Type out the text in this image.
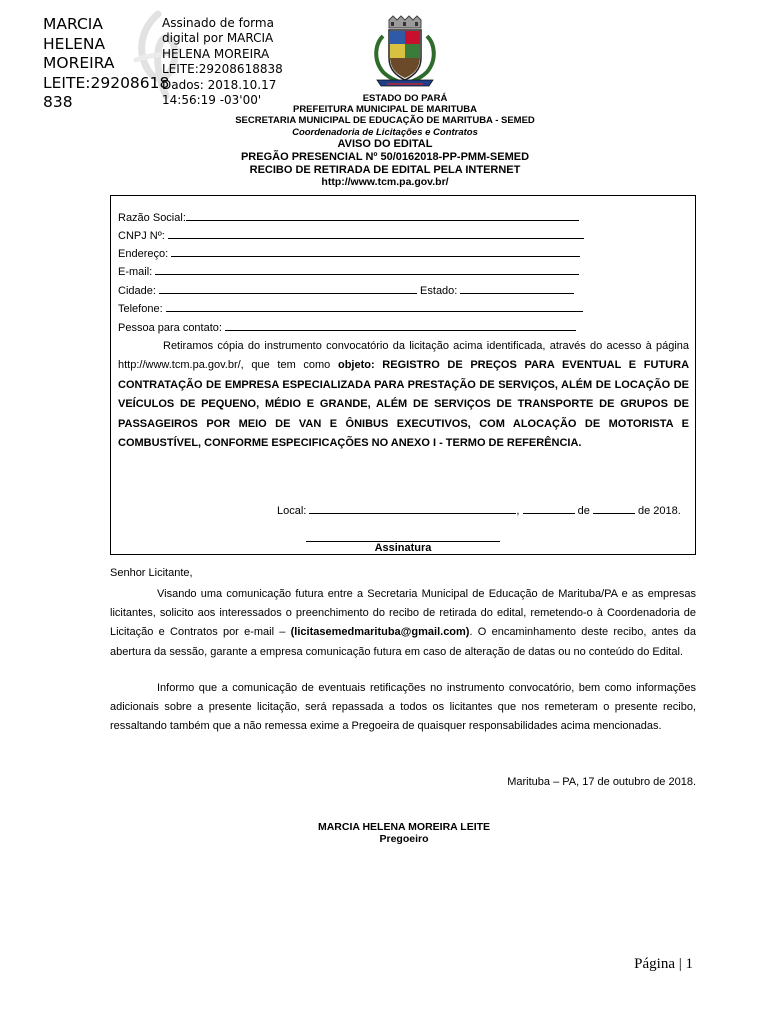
MARCIA
HELENA
MOREIRA
LEITE:29208618
838
Assinado de forma
digital por MARCIA
HELENA MOREIRA
LEITE:29208618838
Dados: 2018.10.17
14:56:19 -03'00'	ESTADO DO PARÁ
PREFEITURA MUNICIPAL DE MARITUBA
SECRETARIA MUNICIPAL DE EDUCAÇÃO DE MARITUBA - SEMED
Coordenadoria de Licitações e Contratos
AVISO DO EDITAL
PREGÃO PRESENCIAL Nº 50/0162018-PP-PMM-SEMED
RECIBO DE RETIRADA DE EDITAL PELA INTERNET
http://www.tcm.pa.gov.br/
Razão Social:
CNPJ Nº:
Endereço:
E-mail:
Cidade:	Estado:
Telefone:
Pessoa para contato:
Retiramos cópia do instrumento convocatório da licitação acima identificada, através do acesso à página http://www.tcm.pa.gov.br/, que tem como objeto: REGISTRO DE PREÇOS PARA EVENTUAL E FUTURA CONTRATAÇÃO DE EMPRESA ESPECIALIZADA PARA PRESTAÇÃO DE SERVIÇOS, ALÉM DE LOCAÇÃO DE VEÍCULOS DE PEQUENO, MÉDIO E GRANDE, ALÉM DE SERVIÇOS DE TRANSPORTE DE GRUPOS DE PASSAGEIROS POR MEIO DE VAN E ÔNIBUS EXECUTIVOS, COM ALOCAÇÃO DE MOTORISTA E COMBUSTÍVEL, CONFORME ESPECIFICAÇÕES NO ANEXO I - TERMO DE REFERÊNCIA.
Local:	,	de	de 2018.
Assinatura
Senhor Licitante,
Visando uma comunicação futura entre a Secretaria Municipal de Educação de Marituba/PA e as empresas licitantes, solicito aos interessados o preenchimento do recibo de retirada do edital, remetendo-o à Coordenadoria de Licitação e Contratos por e-mail – (licitasemedmarituba@gmail.com). O encaminhamento deste recibo, antes da abertura da sessão, garante a empresa comunicação futura em caso de alteração de datas ou no conteúdo do Edital.
Informo que a comunicação de eventuais retificações no instrumento convocatório, bem como informações adicionais sobre a presente licitação, será repassada a todos os licitantes que nos remeteram o presente recibo, ressaltando também que a não remessa exime a Pregoeira de quaisquer responsabilidades acima mencionadas.
Marituba – PA, 17 de outubro de 2018.
MARCIA HELENA MOREIRA LEITE
Pregoeiro
Página | 1
